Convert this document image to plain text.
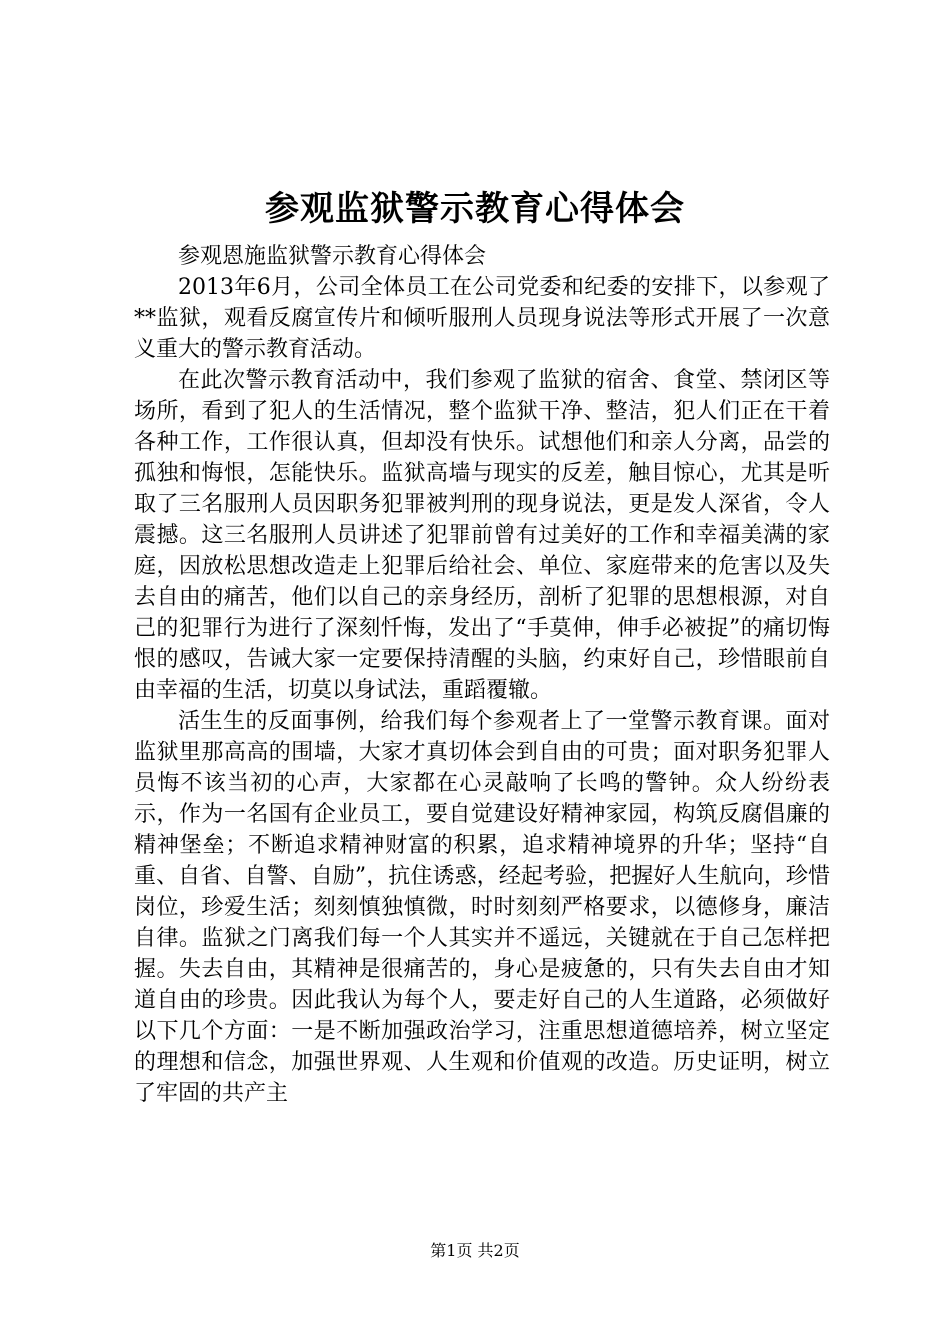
参观监狱警示教育心得体会

参观恩施监狱警示教育心得体会

2013年6月，公司全体员工在公司党委和纪委的安排下，以参观了**监狱，观看反腐宣传片和倾听服刑人员现身说法等形式开展了一次意义重大的警示教育活动。

在此次警示教育活动中，我们参观了监狱的宿舍、食堂、禁闭区等场所，看到了犯人的生活情况，整个监狱干净、整洁，犯人们正在干着各种工作，工作很认真，但却没有快乐。试想他们和亲人分离，品尝的孤独和悔恨，怎能快乐。监狱高墙与现实的反差，触目惊心，尤其是听取了三名服刑人员因职务犯罪被判刑的现身说法，更是发人深省，令人震撼。这三名服刑人员讲述了犯罪前曾有过美好的工作和幸福美满的家庭，因放松思想改造走上犯罪后给社会、单位、家庭带来的危害以及失去自由的痛苦，他们以自己的亲身经历，剖析了犯罪的思想根源，对自己的犯罪行为进行了深刻忏悔，发出了“手莫伸，伸手必被捉”的痛切悔恨的感叹，告诫大家一定要保持清醒的头脑，约束好自己，珍惜眼前自由幸福的生活，切莫以身试法，重蹈覆辙。

活生生的反面事例，给我们每个参观者上了一堂警示教育课。面对监狱里那高高的围墙，大家才真切体会到自由的可贵；面对职务犯罪人员悔不该当初的心声，大家都在心灵敲响了长鸣的警钟。众人纷纷表示，作为一名国有企业员工，要自觉建设好精神家园，构筑反腐倡廉的精神堡垒；不断追求精神财富的积累，追求精神境界的升华；坚持“自重、自省、自警、自励”，抗住诱惑，经起考验，把握好人生航向，珍惜岗位，珍爱生活；刻刻慎独慎微，时时刻刻严格要求，以德修身，廉洁自律。监狱之门离我们每一个人其实并不遥远，关键就在于自己怎样把握。失去自由，其精神是很痛苦的，身心是疲惫的，只有失去自由才知道自由的珍贵。因此我认为每个人，要走好自己的人生道路，必须做好以下几个方面：一是不断加强政治学习，注重思想道德培养，树立坚定的理想和信念，加强世界观、人生观和价值观的改造。历史证明，树立了牢固的共产主

第1页 共2页
